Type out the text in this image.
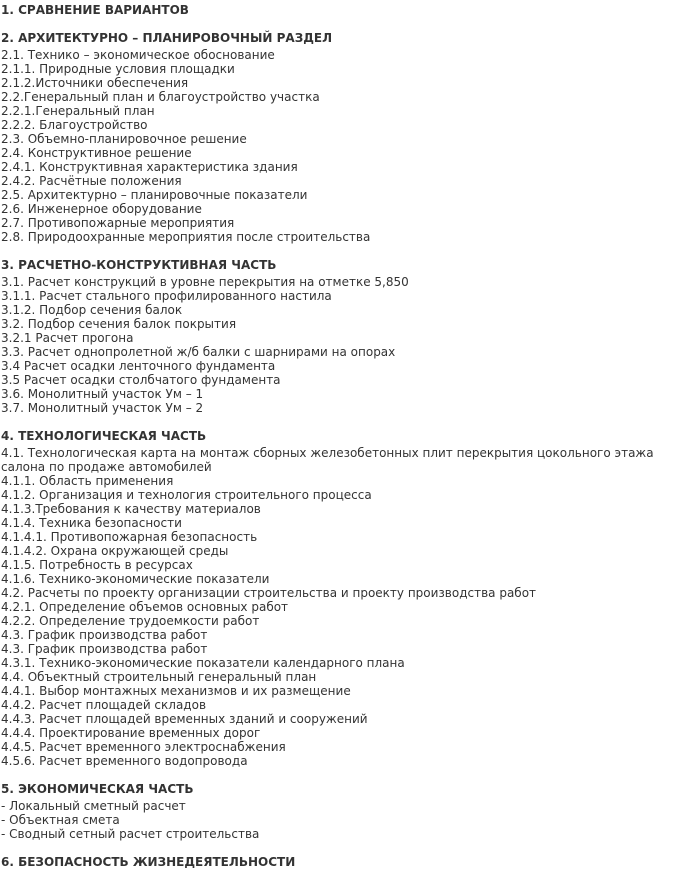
1. СРАВНЕНИЕ ВАРИАНТОВ
2. АРХИТЕКТУРНО – ПЛАНИРОВОЧНЫЙ РАЗДЕЛ
2.1. Технико – экономическое обоснование
2.1.1. Природные условия площадки
2.1.2.Источники обеспечения
2.2.Генеральный план и благоустройство участка
2.2.1.Генеральный план
2.2.2. Благоустройство
2.3. Объемно-планировочное решение
2.4. Конструктивное решение
2.4.1. Конструктивная характеристика здания
2.4.2. Расчётные положения
2.5. Архитектурно – планировочные показатели
2.6. Инженерное оборудование
2.7. Противопожарные мероприятия
2.8. Природоохранные мероприятия после строительства
3. РАСЧЕТНО-КОНСТРУКТИВНАЯ ЧАСТЬ
3.1. Расчет конструкций в уровне перекрытия на отметке 5,850
3.1.1. Расчет стального профилированного настила
3.1.2. Подбор сечения балок
3.2. Подбор сечения балок покрытия
3.2.1 Расчет прогона
3.3. Расчет однопролетной ж/б балки с шарнирами на опорах
3.4 Расчет осадки ленточного фундамента
3.5 Расчет осадки столбчатого фундамента
3.6. Монолитный участок Ум – 1
3.7. Монолитный участок Ум – 2
4. ТЕХНОЛОГИЧЕСКАЯ ЧАСТЬ
4.1. Технологическая карта на монтаж сборных железобетонных плит перекрытия цокольного этажа салона по продаже автомобилей
4.1.1. Область применения
4.1.2. Организация и технология строительного процесса
4.1.3.Требования к качеству материалов
4.1.4. Техника безопасности
4.1.4.1. Противопожарная безопасность
4.1.4.2. Охрана окружающей среды
4.1.5. Потребность в ресурсах
4.1.6. Технико-экономические показатели
4.2. Расчеты по проекту организации строительства и проекту производства работ
4.2.1. Определение объемов основных работ
4.2.2. Определение трудоемкости работ
4.3. График производства работ
4.3. График производства работ
4.3.1. Технико-экономические показатели календарного плана
4.4. Объектный строительный генеральный план
4.4.1. Выбор монтажных механизмов и их размещение
4.4.2. Расчет площадей складов
4.4.3. Расчет площадей временных зданий и сооружений
4.4.4. Проектирование временных дорог
4.4.5. Расчет временного электроснабжения
4.5.6. Расчет временного водопровода
5. ЭКОНОМИЧЕСКАЯ ЧАСТЬ
- Локальный сметный расчет
- Объектная смета
- Сводный сетный расчет строительства
6. БЕЗОПАСНОСТЬ ЖИЗНЕДЕЯТЕЛЬНОСТИ
